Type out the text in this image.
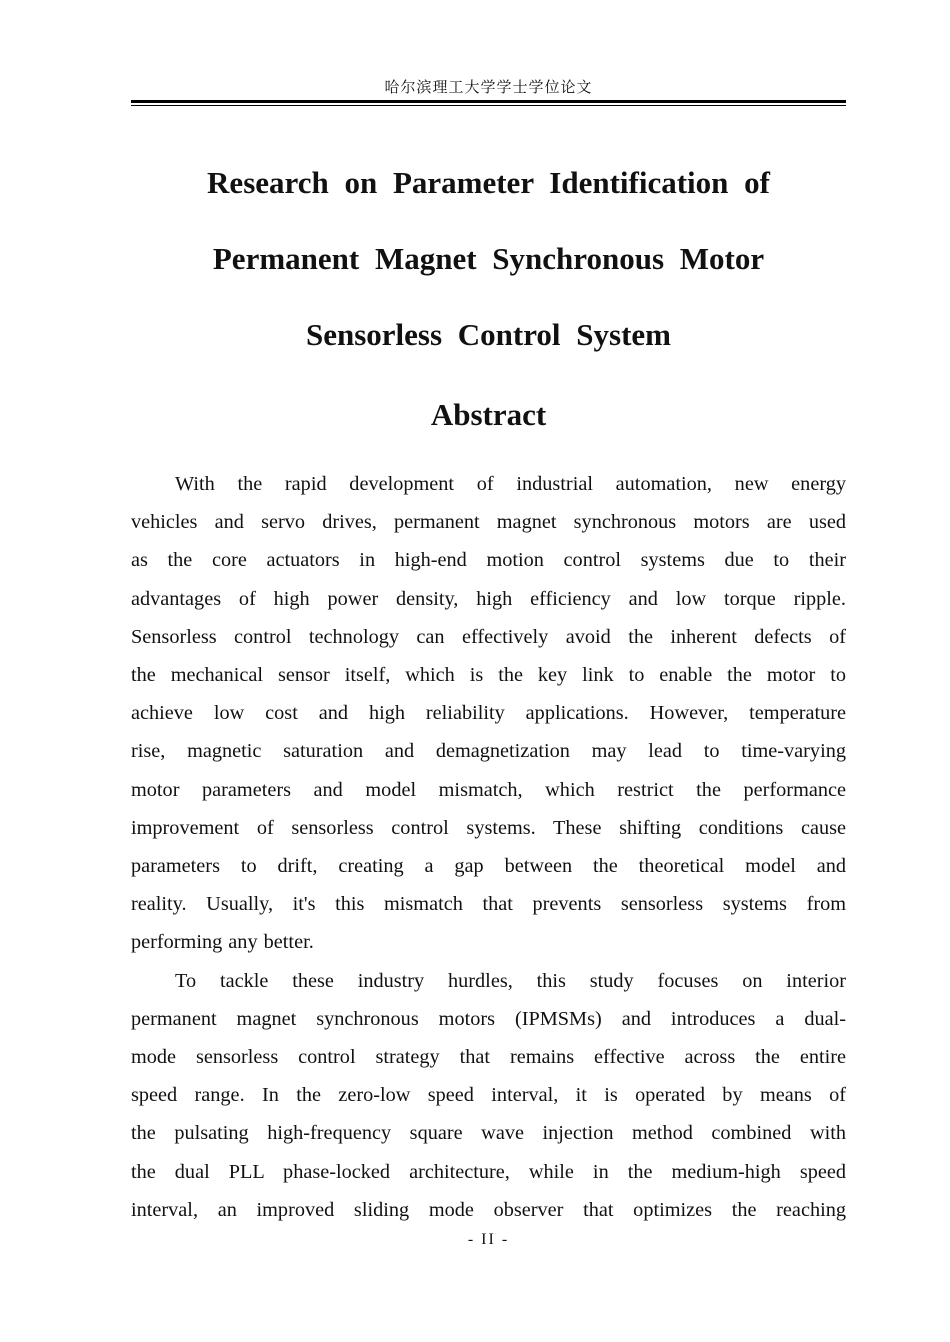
哈尔滨理工大学学士学位论文
Research on Parameter Identification of
Permanent Magnet Synchronous Motor
Sensorless Control System
Abstract

With the rapid development of industrial automation, new energy
vehicles and servo drives, permanent magnet synchronous motors are used
as the core actuators in high-end motion control systems due to their
advantages of high power density, high efficiency and low torque ripple.
Sensorless control technology can effectively avoid the inherent defects of
the mechanical sensor itself, which is the key link to enable the motor to
achieve low cost and high reliability applications. However, temperature
rise, magnetic saturation and demagnetization may lead to time-varying
motor parameters and model mismatch, which restrict the performance
improvement of sensorless control systems. These shifting conditions cause
parameters to drift, creating a gap between the theoretical model and
reality. Usually, it's this mismatch that prevents sensorless systems from
performing any better.

To tackle these industry hurdles, this study focuses on interior
permanent magnet synchronous motors (IPMSMs) and introduces a dual-
mode sensorless control strategy that remains effective across the entire
speed range. In the zero-low speed interval, it is operated by means of
the pulsating high-frequency square wave injection method combined with
the dual PLL phase-locked architecture, while in the medium-high speed
interval, an improved sliding mode observer that optimizes the reaching

- II -
